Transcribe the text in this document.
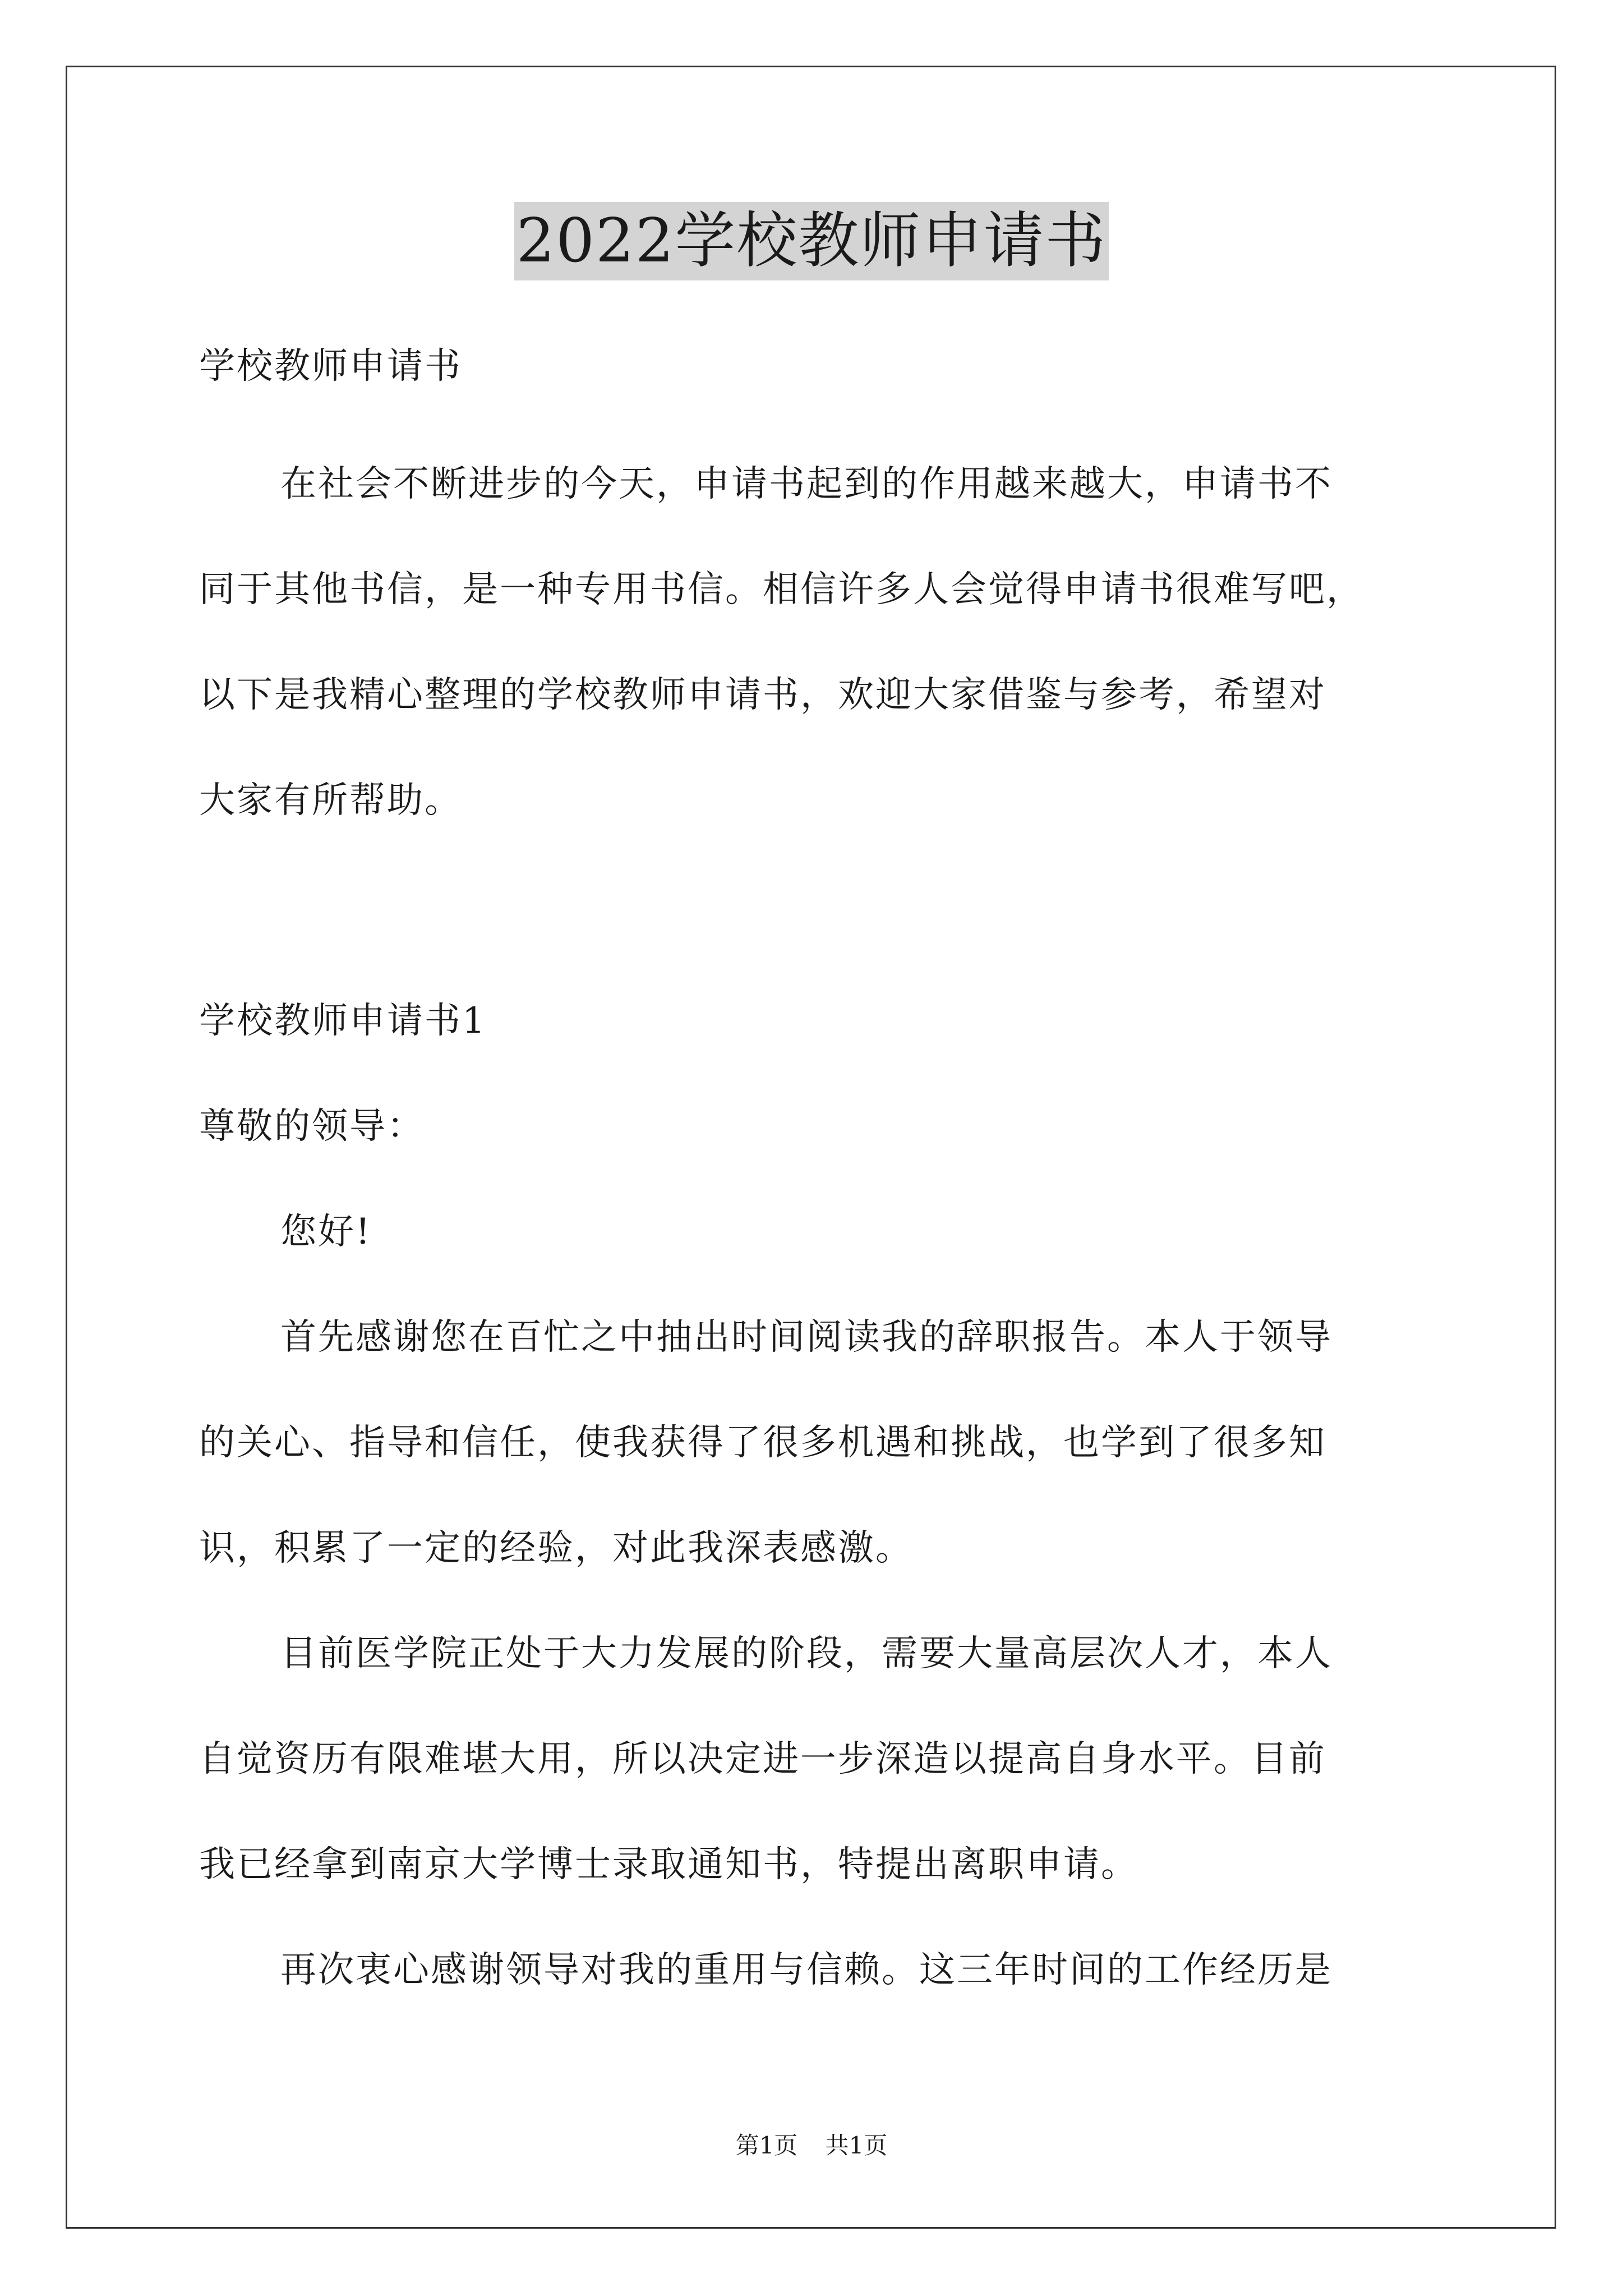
2022学校教师申请书
学校教师申请书
在社会不断进步的今天，申请书起到的作用越来越大，申请书不
同于其他书信，是一种专用书信。相信许多人会觉得申请书很难写吧，
以下是我精心整理的学校教师申请书，欢迎大家借鉴与参考，希望对
大家有所帮助。
学校教师申请书1
尊敬的领导：
您好!
首先感谢您在百忙之中抽出时间阅读我的辞职报告。本人于领导
的关心、指导和信任，使我获得了很多机遇和挑战，也学到了很多知
识，积累了一定的经验，对此我深表感激。
目前医学院正处于大力发展的阶段，需要大量高层次人才，本人
自觉资历有限难堪大用，所以决定进一步深造以提高自身水平。目前
我已经拿到南京大学博士录取通知书，特提出离职申请。
再次衷心感谢领导对我的重用与信赖。这三年时间的工作经历是
第1页 共1页
